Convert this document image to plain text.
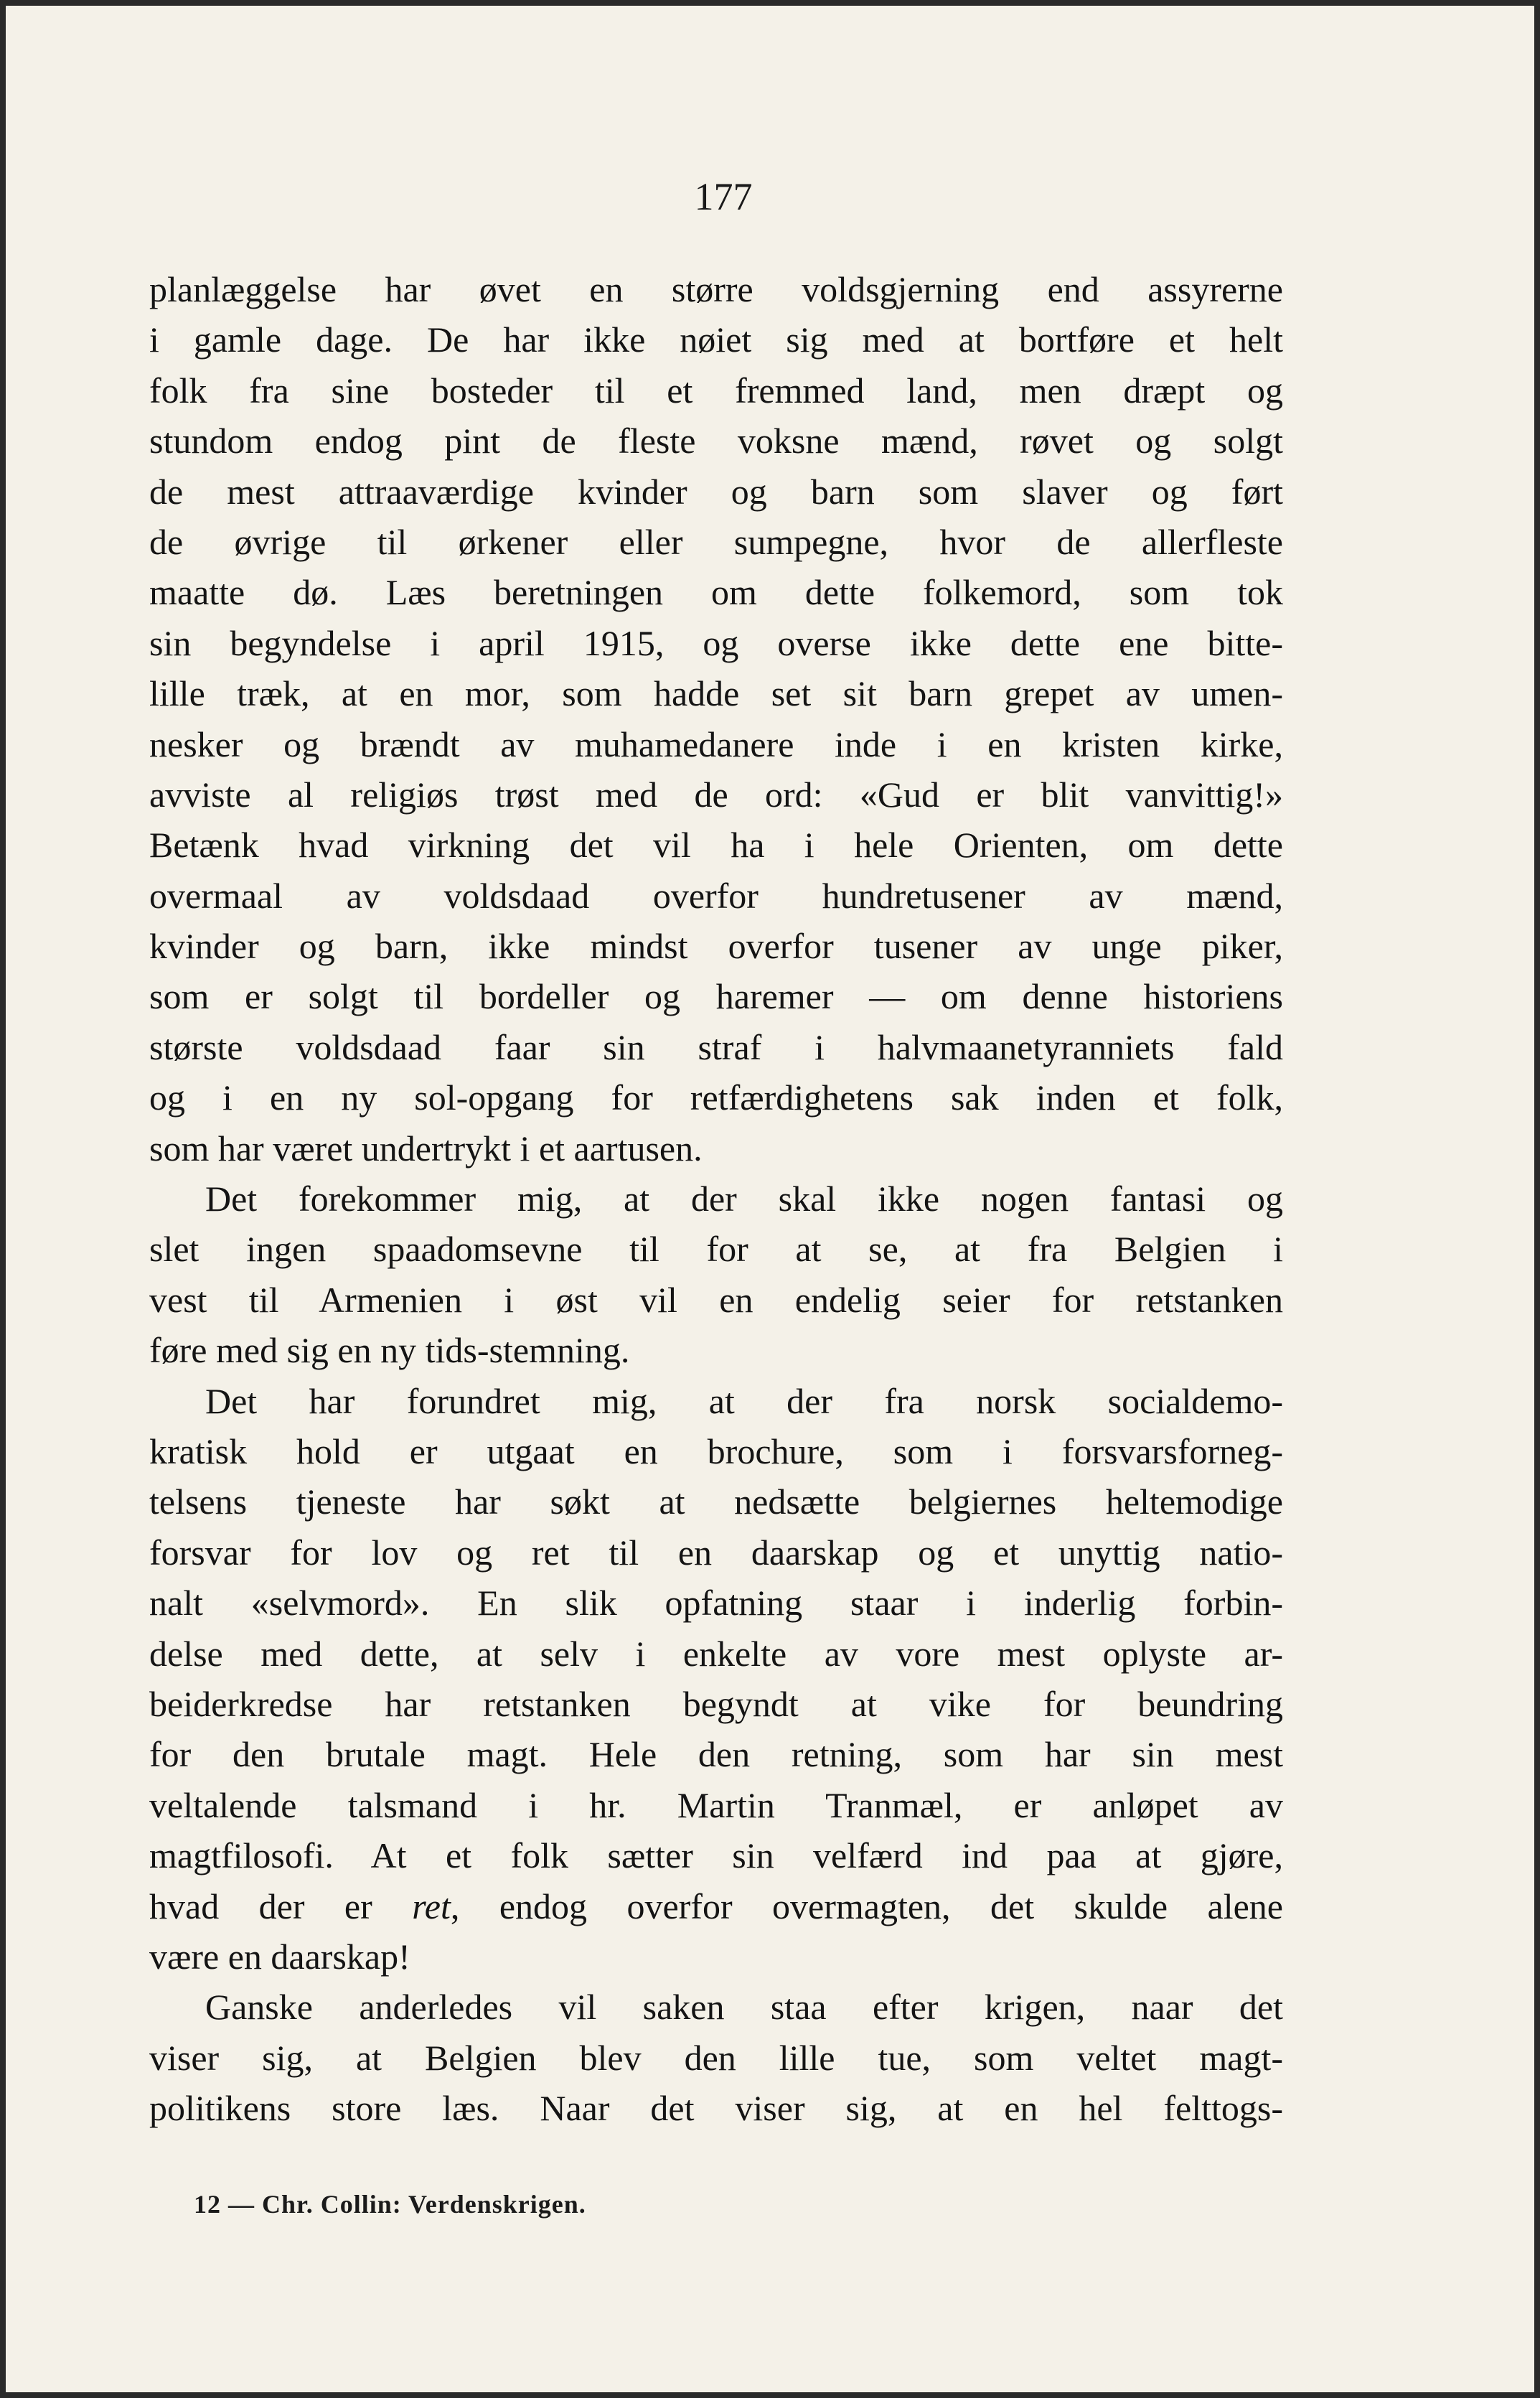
177
planlæggelse har øvet en større voldsgjerning end assyrerne
i gamle dage. De har ikke nøiet sig med at bortføre et helt
folk fra sine bosteder til et fremmed land, men dræpt og
stundom endog pint de fleste voksne mænd, røvet og solgt
de mest attraaværdige kvinder og barn som slaver og ført
de øvrige til ørkener eller sumpegne, hvor de allerfleste
maatte dø. Læs beretningen om dette folkemord, som tok
sin begyndelse i april 1915, og overse ikke dette ene bitte-
lille træk, at en mor, som hadde set sit barn grepet av umen-
nesker og brændt av muhamedanere inde i en kristen kirke,
avviste al religiøs trøst med de ord: «Gud er blit vanvittig!»
Betænk hvad virkning det vil ha i hele Orienten, om dette
overmaal av voldsdaad overfor hundretusener av mænd,
kvinder og barn, ikke mindst overfor tusener av unge piker,
som er solgt til bordeller og haremer — om denne historiens
største voldsdaad faar sin straf i halvmaanetyranniets fald
og i en ny sol-opgang for retfærdighetens sak inden et folk,
som har været undertrykt i et aartusen.
Det forekommer mig, at der skal ikke nogen fantasi og
slet ingen spaadomsevne til for at se, at fra Belgien i
vest til Armenien i øst vil en endelig seier for retstanken
føre med sig en ny tids-stemning.
Det har forundret mig, at der fra norsk socialdemo-
kratisk hold er utgaat en brochure, som i forsvarsforneg-
telsens tjeneste har søkt at nedsætte belgiernes heltemodige
forsvar for lov og ret til en daarskap og et unyttig natio-
nalt «selvmord». En slik opfatning staar i inderlig forbin-
delse med dette, at selv i enkelte av vore mest oplyste ar-
beiderkredse har retstanken begyndt at vike for beundring
for den brutale magt. Hele den retning, som har sin mest
veltalende talsmand i hr. Martin Tranmæl, er anløpet av
magtfilosofi. At et folk sætter sin velfærd ind paa at gjøre,
hvad der er ret, endog overfor overmagten, det skulde alene
være en daarskap!
Ganske anderledes vil saken staa efter krigen, naar det
viser sig, at Belgien blev den lille tue, som veltet magt-
politikens store læs. Naar det viser sig, at en hel felttogs-
12 — Chr. Collin: Verdenskrigen.
